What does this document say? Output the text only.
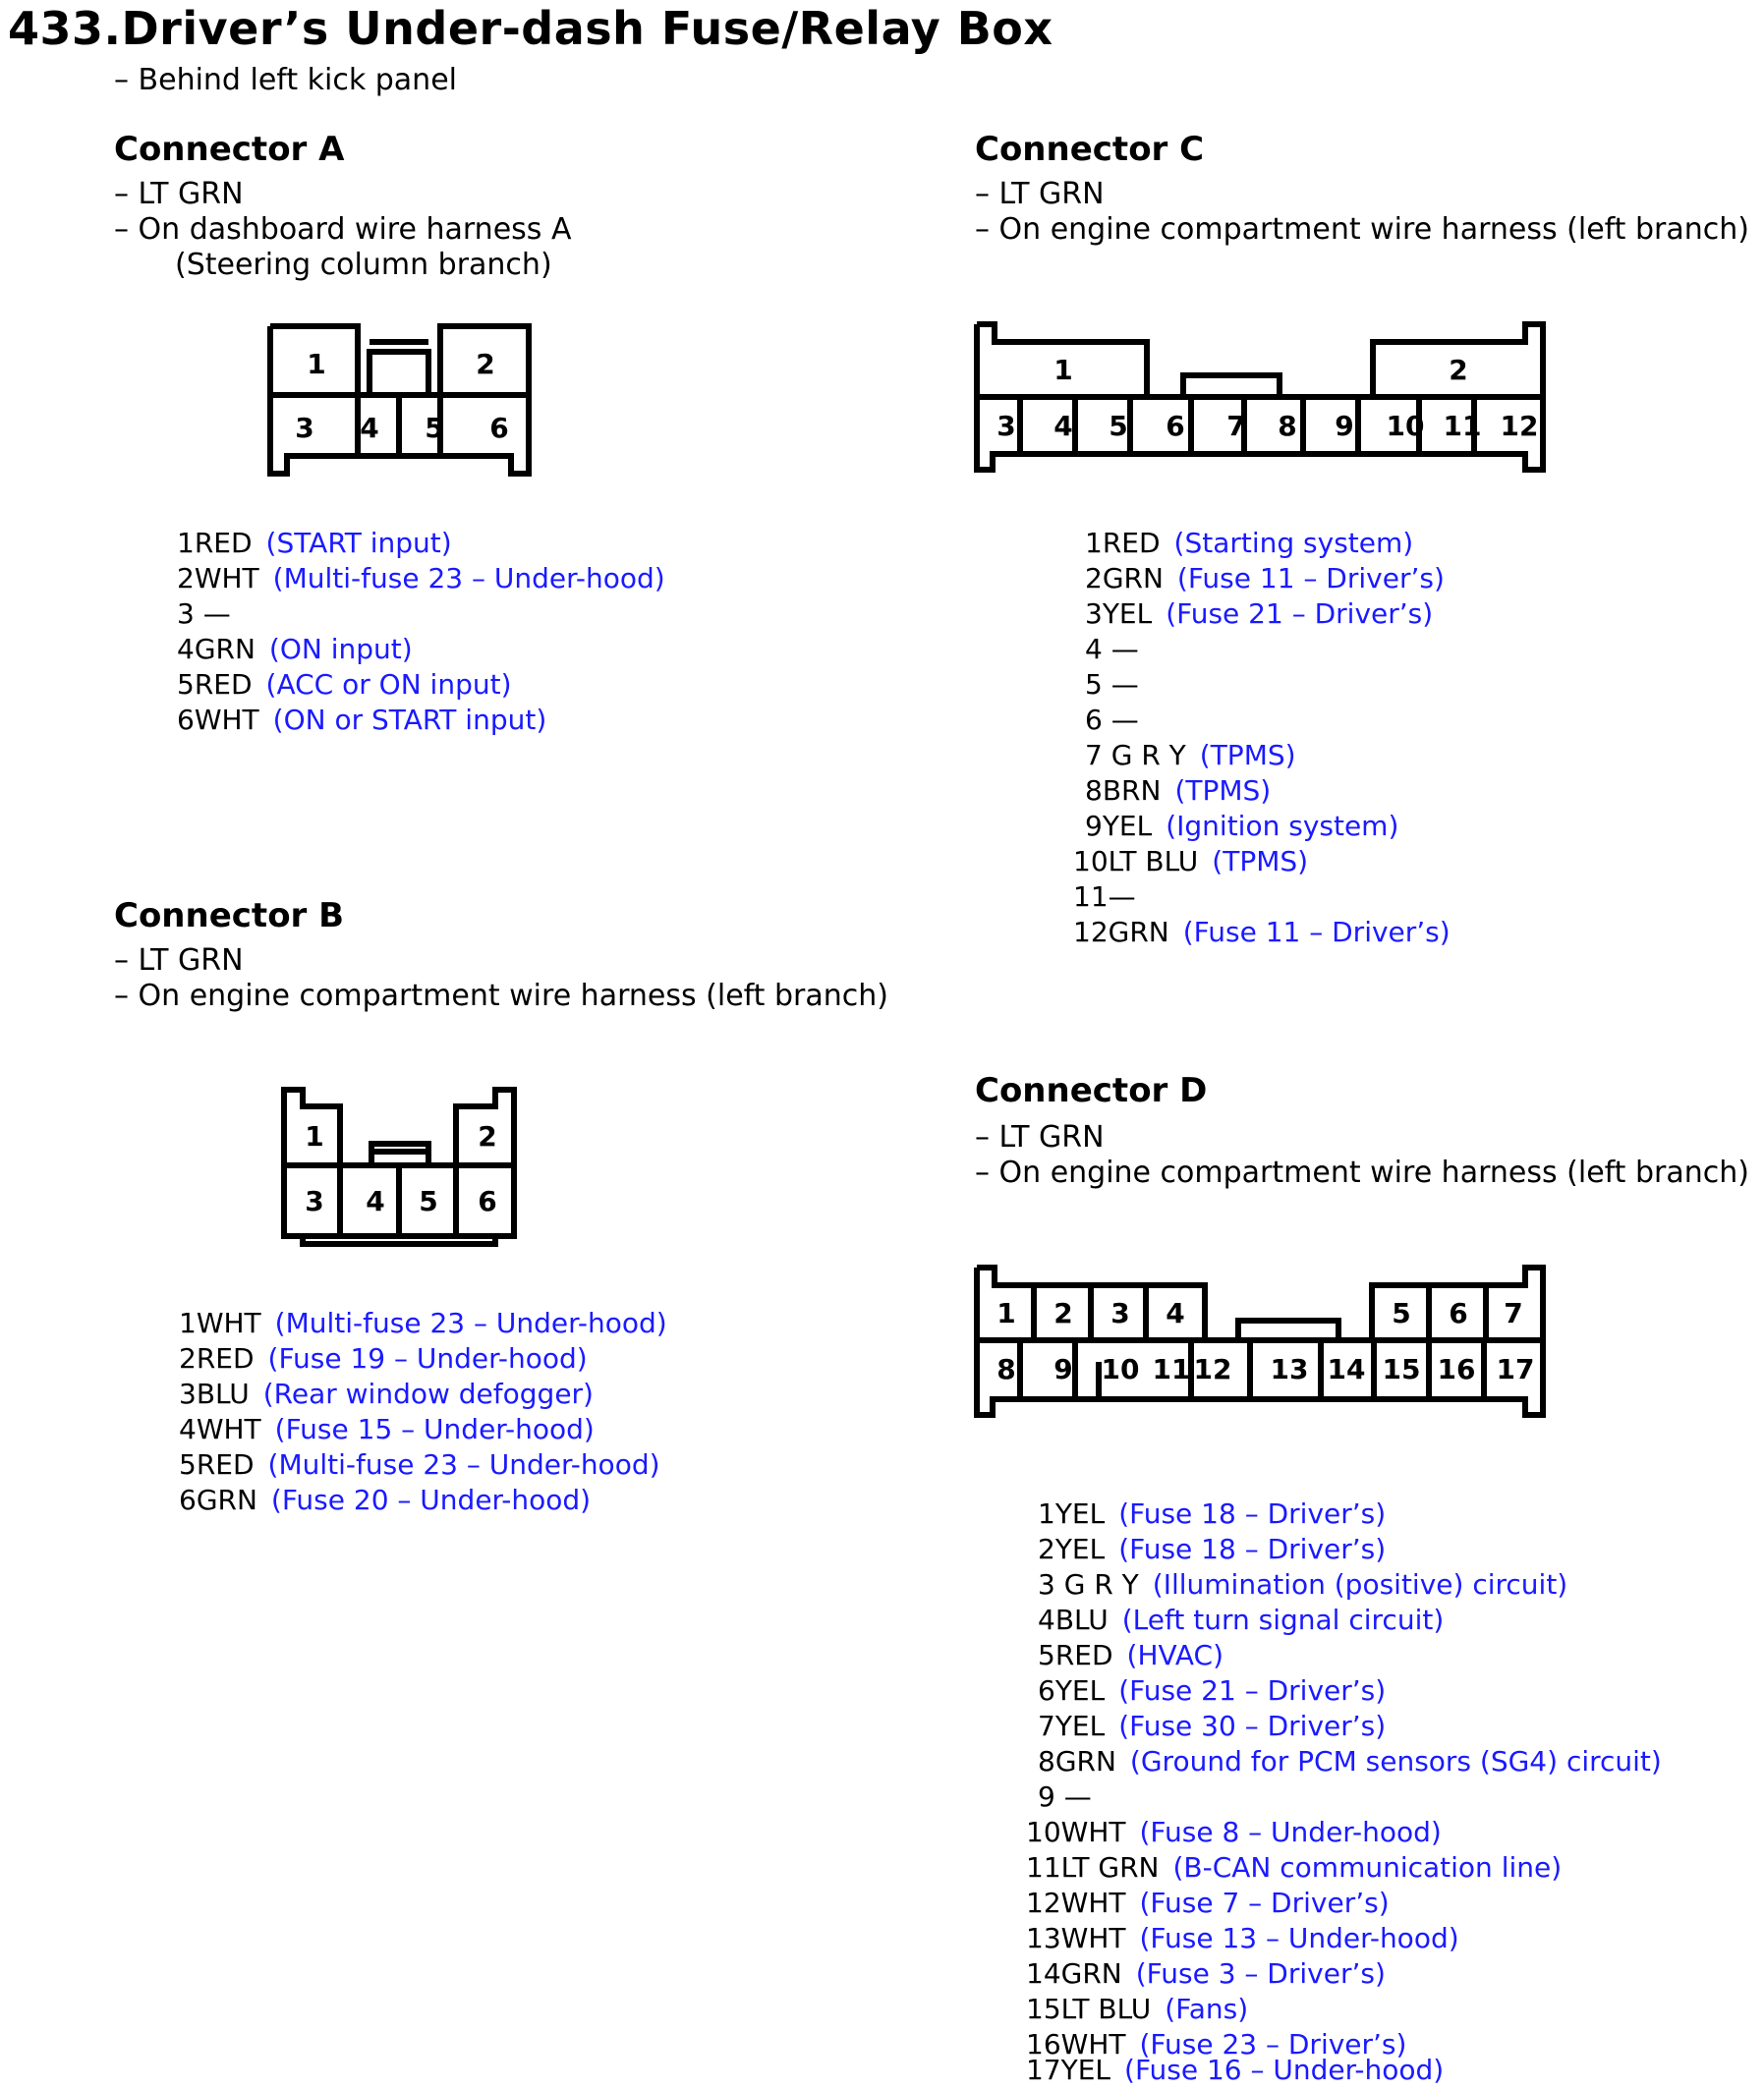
433.Driver’s Under-dash Fuse/Relay Box
– Behind left kick panel
Connector A
– LT GRN
– On dashboard wire harness A
(Steering column branch)
1	2
3 4 5 6
1RED (START input)
2WHT (Multi-fuse 23 – Under-hood)
3 —
4GRN (ON input)
5RED (ACC or ON input)
6WHT (ON or START input)
Connector B
– LT GRN
– On engine compartment wire harness (left branch)
1	2
3 4 5 6
1WHT (Multi-fuse 23 – Under-hood)
2RED (Fuse 19 – Under-hood)
3BLU (Rear window defogger)
4WHT (Fuse 15 – Under-hood)
5RED (Multi-fuse 23 – Under-hood)
6GRN (Fuse 20 – Under-hood)
Connector C
– LT GRN
– On engine compartment wire harness (left branch)
1	2
3 4 5 6 7 8 9 10 11 12
1RED (Starting system)
2GRN (Fuse 11 – Driver’s)
3YEL (Fuse 21 – Driver’s)
4 —
5 —
6 —
7 G R Y (TPMS)
8BRN (TPMS)
9YEL (Ignition system)
10LT BLU (TPMS)
11—
12GRN (Fuse 11 – Driver’s)
Connector D
– LT GRN
– On engine compartment wire harness (left branch)
1 2 3 4	5 6 7
8 9 10 11 12 13 14 15 16 17
1YEL (Fuse 18 – Driver’s)
2YEL (Fuse 18 – Driver’s)
3 G R Y (Illumination (positive) circuit)
4BLU (Left turn signal circuit)
5RED (HVAC)
6YEL (Fuse 21 – Driver’s)
7YEL (Fuse 30 – Driver’s)
8GRN (Ground for PCM sensors (SG4) circuit)
9 —
10WHT (Fuse 8 – Under-hood)
11LT GRN (B-CAN communication line)
12WHT (Fuse 7 – Driver’s)
13WHT (Fuse 13 – Under-hood)
14GRN (Fuse 3 – Driver’s)
15LT BLU (Fans)
16WHT (Fuse 23 – Driver’s)
17YEL (Fuse 16 – Under-hood)
